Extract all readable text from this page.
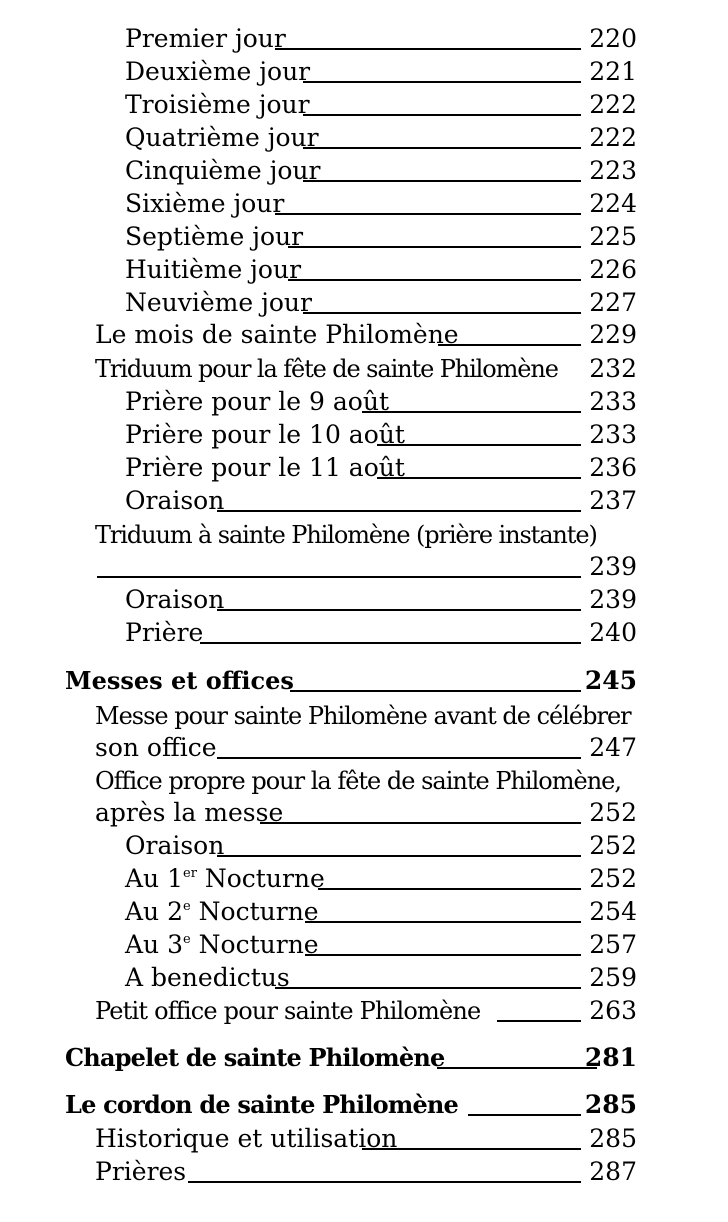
Premier jour	220
Deuxième jour	221
Troisième jour	222
Quatrième jour	222
Cinquième jour	223
Sixième jour	224
Septième jour	225
Huitième jour	226
Neuvième jour	227
Le mois de sainte Philomène	229
Triduum pour la fête de sainte Philomène	232
Prière pour le 9 août	233
Prière pour le 10 août	233
Prière pour le 11 août	236
Oraison	237
Triduum à sainte Philomène (prière instante)
239
Oraison	239
Prière	240
Messes et offices	245
Messe pour sainte Philomène avant de célébrer
son office	247
Office propre pour la fête de sainte Philomène,
après la messe	252
Oraison	252
Au 1er Nocturne	252
Au 2e Nocturne	254
Au 3e Nocturne	257
A benedictus	259
Petit office pour sainte Philomène	263
Chapelet de sainte Philomène	281
Le cordon de sainte Philomène	285
Historique et utilisation	285
Prières	287
